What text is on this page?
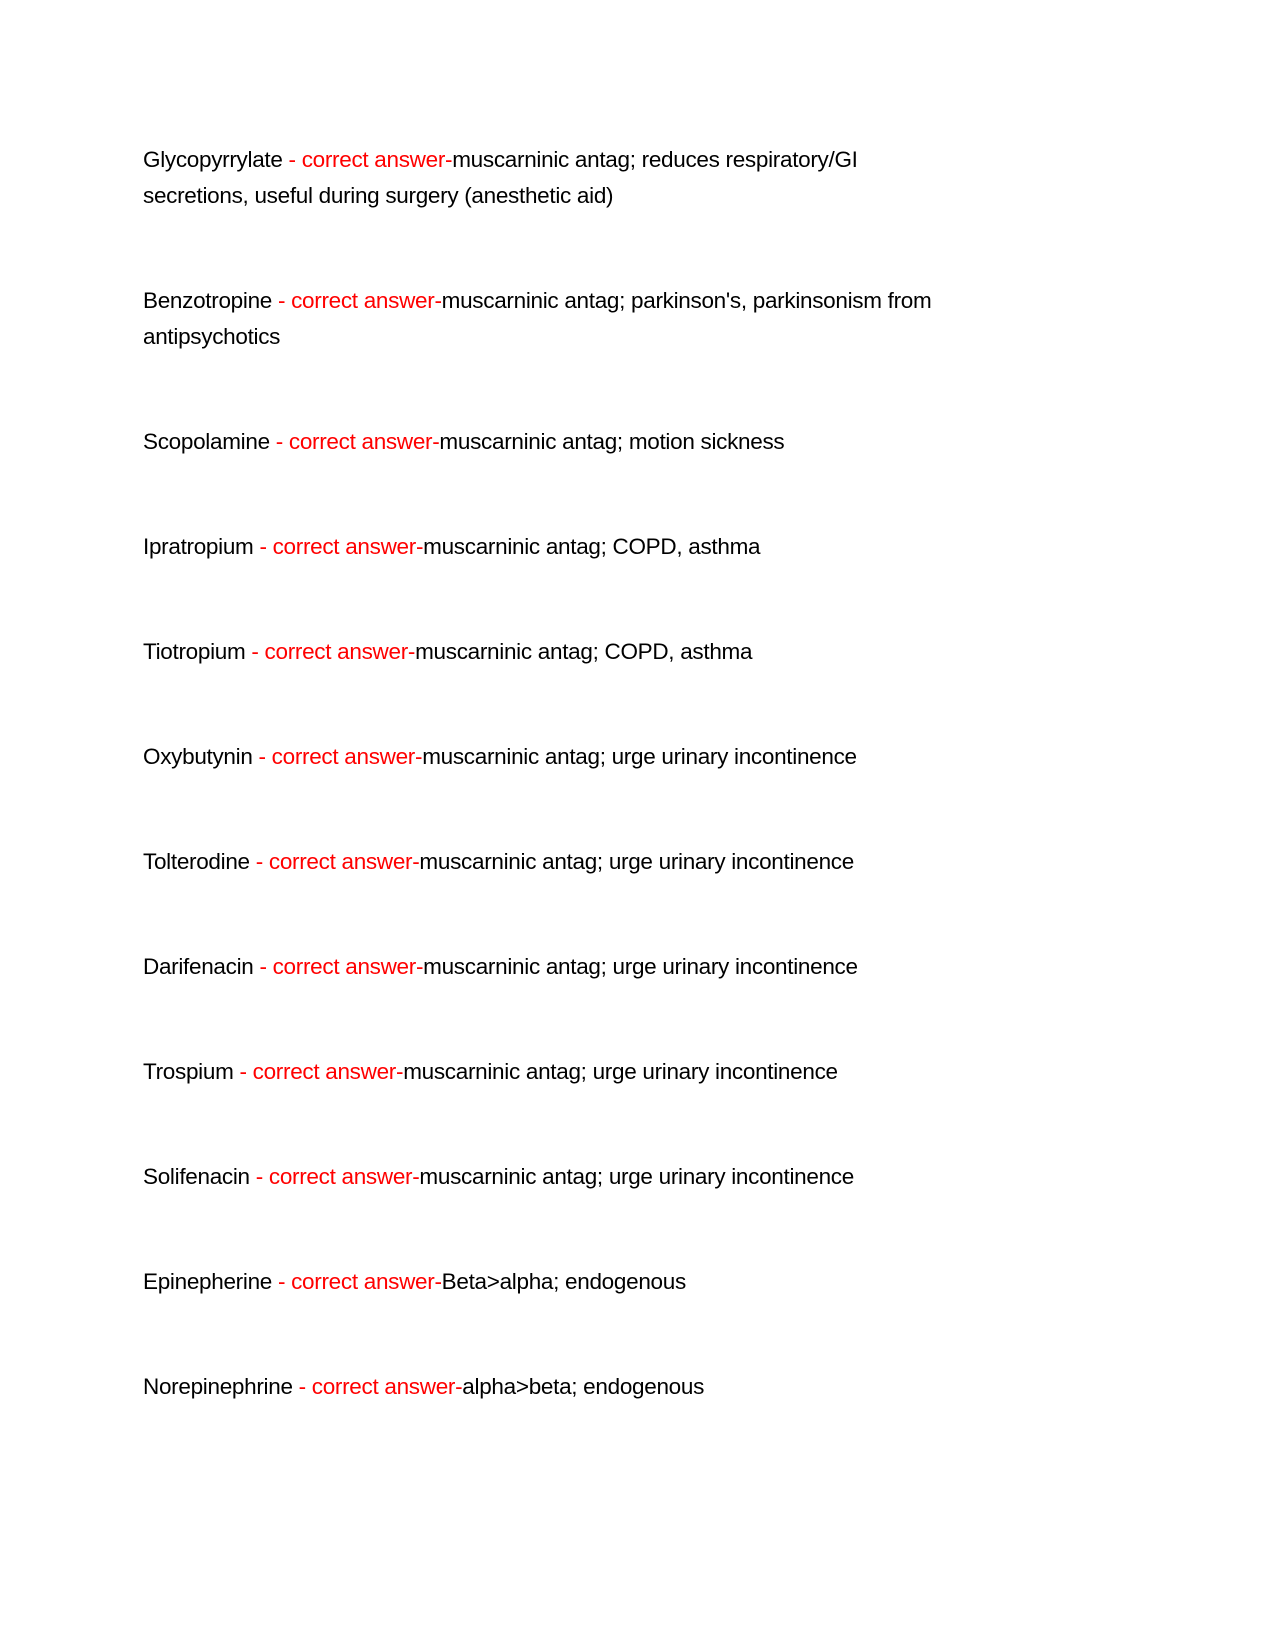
Glycopyrrylate - correct answer-muscarninic antag; reduces respiratory/GI
secretions, useful during surgery (anesthetic aid)
Benzotropine - correct answer-muscarninic antag; parkinson's, parkinsonism from
antipsychotics
Scopolamine - correct answer-muscarninic antag; motion sickness
Ipratropium - correct answer-muscarninic antag; COPD, asthma
Tiotropium - correct answer-muscarninic antag; COPD, asthma
Oxybutynin - correct answer-muscarninic antag; urge urinary incontinence
Tolterodine - correct answer-muscarninic antag; urge urinary incontinence
Darifenacin - correct answer-muscarninic antag; urge urinary incontinence
Trospium - correct answer-muscarninic antag; urge urinary incontinence
Solifenacin - correct answer-muscarninic antag; urge urinary incontinence
Epinepherine - correct answer-Beta>alpha; endogenous
Norepinephrine - correct answer-alpha>beta; endogenous
